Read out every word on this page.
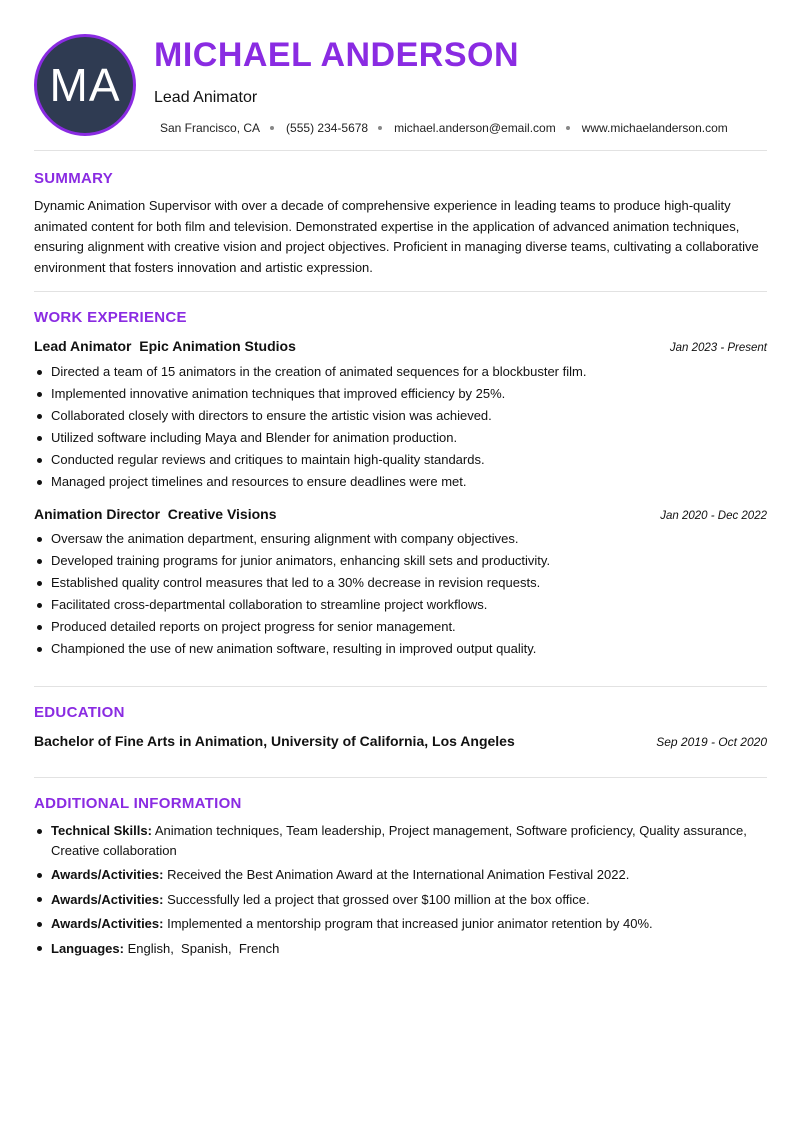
MA
MICHAEL ANDERSON
Lead Animator
San Francisco, CA (555) 234-5678 michael.anderson@email.com www.michaelanderson.com
SUMMARY

Dynamic Animation Supervisor with over a decade of comprehensive experience in leading teams to produce high-quality animated content for both film and television. Demonstrated expertise in the application of advanced animation techniques, ensuring alignment with creative vision and project objectives. Proficient in managing diverse teams, cultivating a collaborative environment that fosters innovation and artistic expression.

WORK EXPERIENCE
Lead Animator  Epic Animation Studios	Jan 2023 - Present
Directed a team of 15 animators in the creation of animated sequences for a blockbuster film.
Implemented innovative animation techniques that improved efficiency by 25%.
Collaborated closely with directors to ensure the artistic vision was achieved.
Utilized software including Maya and Blender for animation production.
Conducted regular reviews and critiques to maintain high-quality standards.
Managed project timelines and resources to ensure deadlines were met.
Animation Director  Creative Visions	Jan 2020 - Dec 2022
Oversaw the animation department, ensuring alignment with company objectives.
Developed training programs for junior animators, enhancing skill sets and productivity.
Established quality control measures that led to a 30% decrease in revision requests.
Facilitated cross-departmental collaboration to streamline project workflows.
Produced detailed reports on project progress for senior management.
Championed the use of new animation software, resulting in improved output quality.
EDUCATION
Bachelor of Fine Arts in Animation, University of California, Los Angeles	Sep 2019 - Oct 2020
ADDITIONAL INFORMATION
Technical Skills: Animation techniques, Team leadership, Project management, Software proficiency, Quality assurance, Creative collaboration
Awards/Activities: Received the Best Animation Award at the International Animation Festival 2022.
Awards/Activities: Successfully led a project that grossed over $100 million at the box office.
Awards/Activities: Implemented a mentorship program that increased junior animator retention by 40%.
Languages: English,  Spanish,  French
